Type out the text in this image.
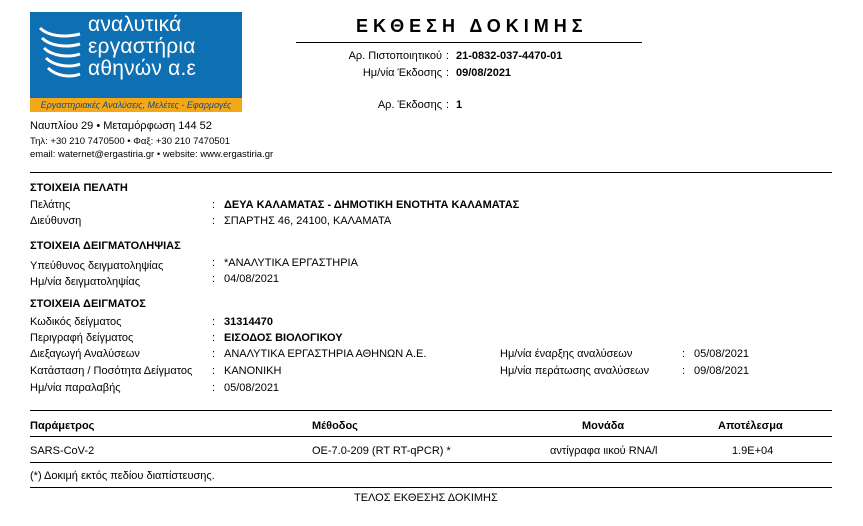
αναλυτικά
εργαστήρια
αθηνών α.ε
Εργαστηριακές Αναλύσεις, Μελέτες - Εφαρμογές
Ναυπλίου 29 • Μεταμόρφωση 144 52
Τηλ: +30 210 7470500 • Φαξ: +30 210 7470501
email: waternet@ergastiria.gr • website: www.ergastiria.gr
ΕΚΘΕΣΗ ΔΟΚΙΜΗΣ
Αρ. Πιστοποιητικού : 21-0832-037-4470-01
Ημ/νία Έκδοσης : 09/08/2021
Αρ. Έκδοσης : 1
ΣΤΟΙΧΕΙΑ ΠΕΛΑΤΗ
Πελάτης	: ΔΕΥΑ ΚΑΛΑΜΑΤΑΣ - ΔΗΜΟΤΙΚΗ ΕΝΟΤΗΤΑ ΚΑΛΑΜΑΤΑΣ
Διεύθυνση	: ΣΠΑΡΤΗΣ 46, 24100, ΚΑΛΑΜΑΤΑ
ΣΤΟΙΧΕΙΑ ΔΕΙΓΜΑΤΟΛΗΨΙΑΣ
Υπεύθυνος δειγματοληψίας	: *ΑΝΑΛΥΤΙΚΑ ΕΡΓΑΣΤΗΡΙΑ
Ημ/νία δειγματοληψίας	: 04/08/2021
ΣΤΟΙΧΕΙΑ ΔΕΙΓΜΑΤΟΣ
Κωδικός δείγματος	: 31314470
Περιγραφή δείγματος	: ΕΙΣΟΔΟΣ ΒΙΟΛΟΓΙΚΟΥ
Διεξαγωγή Αναλύσεων	: ΑΝΑΛΥΤΙΚΑ ΕΡΓΑΣΤΗΡΙΑ ΑΘΗΝΩΝ Α.Ε.	Ημ/νία έναρξης αναλύσεων	: 05/08/2021
Κατάσταση / Ποσότητα Δείγματος : ΚΑΝΟΝΙΚΗ	Ημ/νία περάτωσης αναλύσεων	: 09/08/2021
Ημ/νία παραλαβής	: 05/08/2021
Παράμετρος	Μέθοδος	Μονάδα	Αποτέλεσμα
SARS-CoV-2	ΟΕ-7.0-209 (RT RT-qPCR) *	αντίγραφα ιικού RNA/l	1.9E+04
(*) Δοκιμή εκτός πεδίου διαπίστευσης.
ΤΕΛΟΣ ΕΚΘΕΣΗΣ ΔΟΚΙΜΗΣ
